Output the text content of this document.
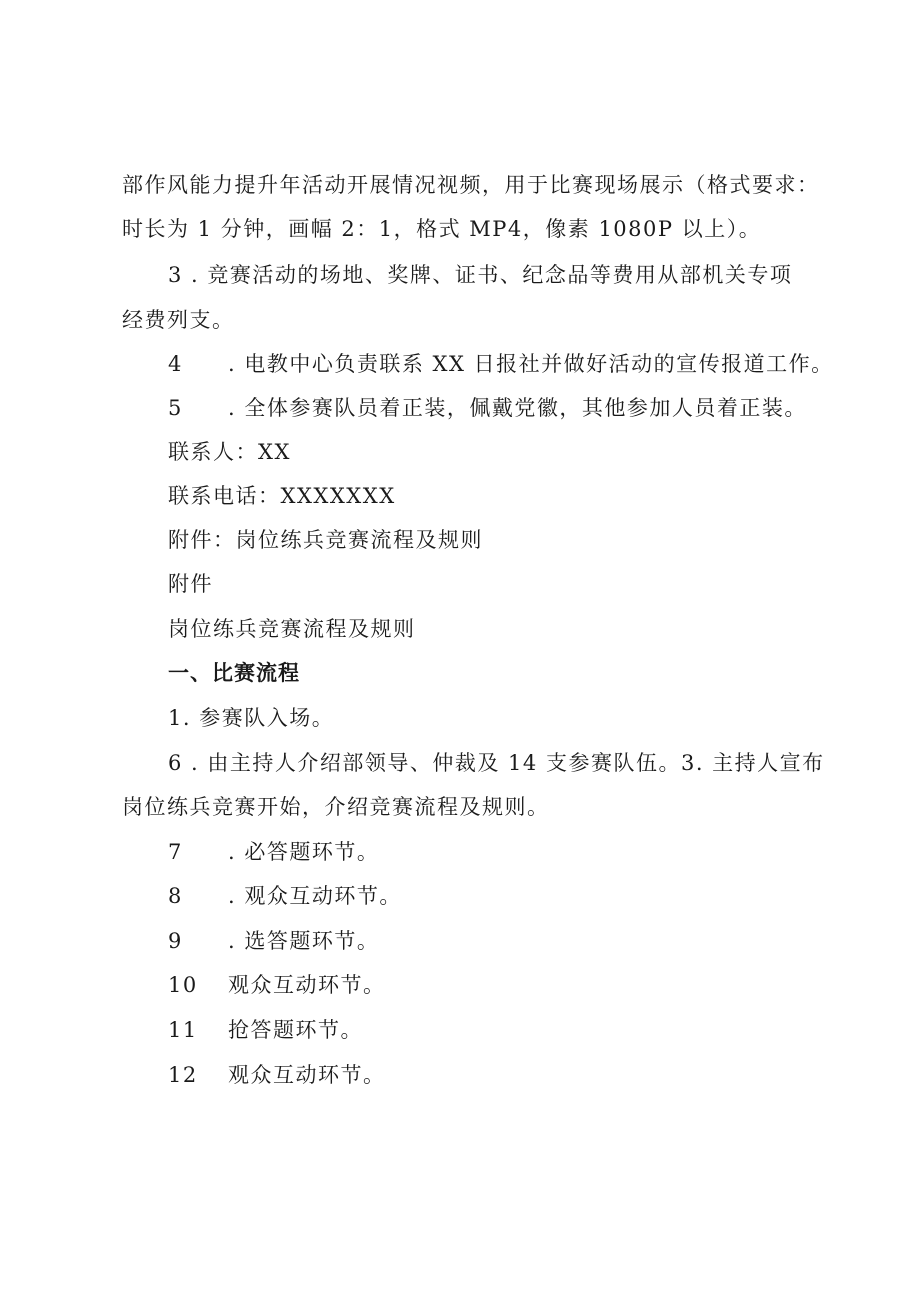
部作风能力提升年活动开展情况视频，用于比赛现场展示（格式要求：
时长为 1 分钟，画幅 2：1，格式 MP4，像素 1080P 以上）。
3 . 竞赛活动的场地、奖牌、证书、纪念品等费用从部机关专项
经费列支。
4 . 电教中心负责联系 XX 日报社并做好活动的宣传报道工作。
5 . 全体参赛队员着正装，佩戴党徽，其他参加人员着正装。
联系人：XX
联系电话：XXXXXXX
附件：岗位练兵竞赛流程及规则
附件
岗位练兵竞赛流程及规则
一、比赛流程
1. 参赛队入场。
6 . 由主持人介绍部领导、仲裁及 14 支参赛队伍。3. 主持人宣布
岗位练兵竞赛开始，介绍竞赛流程及规则。
7 . 必答题环节。
8 . 观众互动环节。
9 . 选答题环节。
10 观众互动环节。
11 抢答题环节。
12 观众互动环节。
